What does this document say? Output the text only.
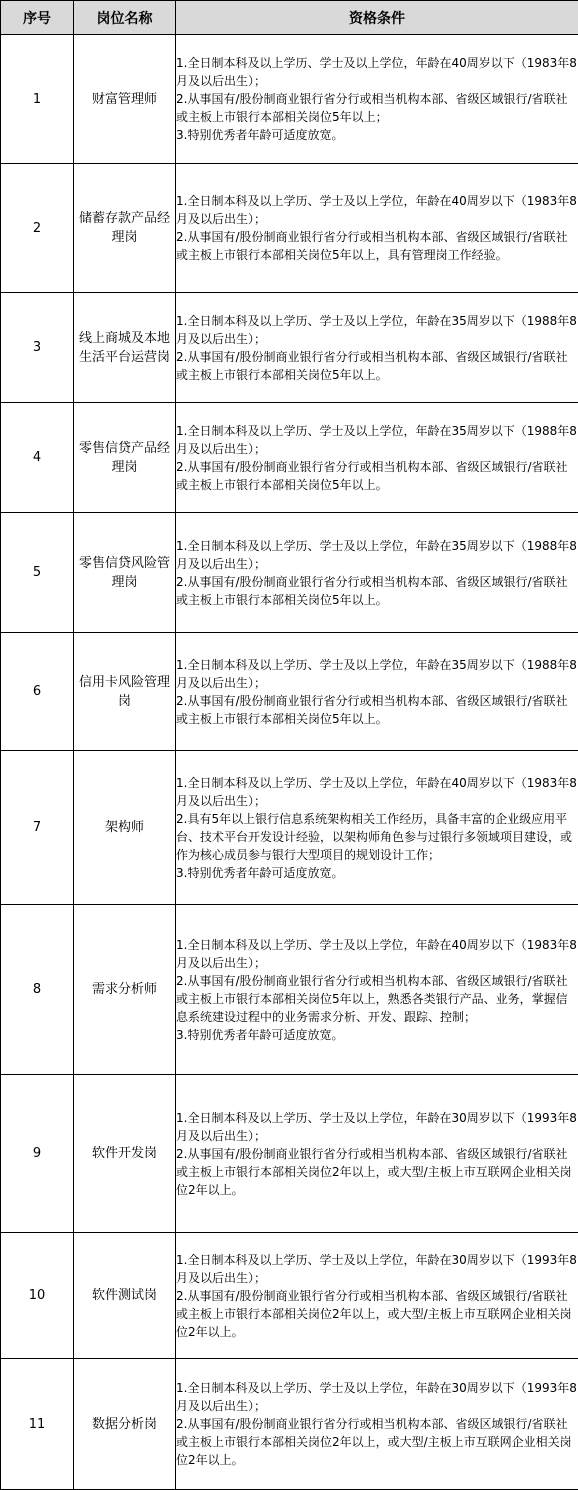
序号	岗位名称	资格条件
1	财富管理师	1.全日制本科及以上学历、学士及以上学位，年龄在40周岁以下（1983年8月及以后出生）；
2.从事国有/股份制商业银行省分行或相当机构本部、省级区域银行/省联社或主板上市银行本部相关岗位5年以上；
3.特别优秀者年龄可适度放宽。

2	储蓄存款产品经理岗	1.全日制本科及以上学历、学士及以上学位，年龄在40周岁以下（1983年8月及以后出生）；
2.从事国有/股份制商业银行省分行或相当机构本部、省级区域银行/省联社或主板上市银行本部相关岗位5年以上，具有管理岗工作经验。

3	线上商城及本地生活平台运营岗	1.全日制本科及以上学历、学士及以上学位，年龄在35周岁以下（1988年8月及以后出生）；
2.从事国有/股份制商业银行省分行或相当机构本部、省级区域银行/省联社或主板上市银行本部相关岗位5年以上。

4	零售信贷产品经理岗	1.全日制本科及以上学历、学士及以上学位，年龄在35周岁以下（1988年8月及以后出生）；
2.从事国有/股份制商业银行省分行或相当机构本部、省级区域银行/省联社或主板上市银行本部相关岗位5年以上。

5	零售信贷风险管理岗	1.全日制本科及以上学历、学士及以上学位，年龄在35周岁以下（1988年8月及以后出生）；
2.从事国有/股份制商业银行省分行或相当机构本部、省级区域银行/省联社或主板上市银行本部相关岗位5年以上。

6	信用卡风险管理岗	1.全日制本科及以上学历、学士及以上学位，年龄在35周岁以下（1988年8月及以后出生）；
2.从事国有/股份制商业银行省分行或相当机构本部、省级区域银行/省联社或主板上市银行本部相关岗位5年以上。

7	架构师	1.全日制本科及以上学历、学士及以上学位，年龄在40周岁以下（1983年8月及以后出生）；
2.具有5年以上银行信息系统架构相关工作经历，具备丰富的企业级应用平台、技术平台开发设计经验，以架构师角色参与过银行多领域项目建设，或作为核心成员参与银行大型项目的规划设计工作；
3.特别优秀者年龄可适度放宽。

8	需求分析师	1.全日制本科及以上学历、学士及以上学位，年龄在40周岁以下（1983年8月及以后出生）；
2.从事国有/股份制商业银行省分行或相当机构本部、省级区域银行/省联社或主板上市银行本部相关岗位5年以上，熟悉各类银行产品、业务，掌握信息系统建设过程中的业务需求分析、开发、跟踪、控制；
3.特别优秀者年龄可适度放宽。

9	软件开发岗	1.全日制本科及以上学历、学士及以上学位，年龄在30周岁以下（1993年8月及以后出生）；
2.从事国有/股份制商业银行省分行或相当机构本部、省级区域银行/省联社或主板上市银行本部相关岗位2年以上，或大型/主板上市互联网企业相关岗位2年以上。

10	软件测试岗	1.全日制本科及以上学历、学士及以上学位，年龄在30周岁以下（1993年8月及以后出生）；
2.从事国有/股份制商业银行省分行或相当机构本部、省级区域银行/省联社或主板上市银行本部相关岗位2年以上，或大型/主板上市互联网企业相关岗位2年以上。

11	数据分析岗	1.全日制本科及以上学历、学士及以上学位，年龄在30周岁以下（1993年8月及以后出生）；
2.从事国有/股份制商业银行省分行或相当机构本部、省级区域银行/省联社或主板上市银行本部相关岗位2年以上，或大型/主板上市互联网企业相关岗位2年以上。
